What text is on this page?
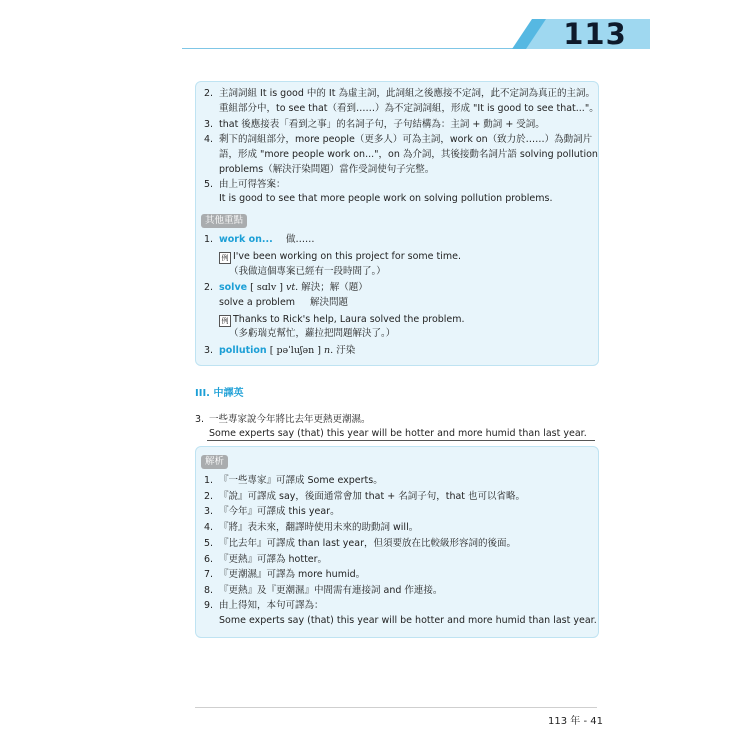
113
2. 主詞詞組 It is good 中的 It 為虛主詞，此詞組之後應接不定詞，此不定詞為真正的主詞。
重組部分中，to see that（看到……）為不定詞詞組，形成 "It is good to see that..."。
3. that 後應接表「看到之事」的名詞子句，子句結構為：主詞 + 動詞 + 受詞。
4. 剩下的詞組部分，more people（更多人）可為主詞，work on（致力於……）為動詞片
語，形成 "more people work on..."，on 為介詞，其後接動名詞片語 solving pollution
problems（解決汙染問題）當作受詞使句子完整。
5. 由上可得答案：
It is good to see that more people work on solving pollution problems.
其他重點
1. work on... 做……
例 I've been working on this project for some time.
（我做這個專案已經有一段時間了。）
2. solve [ sɑlv ] vt. 解決；解（題）
solve a problem 解決問題
例 Thanks to Rick's help, Laura solved the problem.
（多虧瑞克幫忙，蘿拉把問題解決了。）
3. pollution [ pəˈluʃən ] n. 汙染
III. 中譯英
3. 一些專家說今年將比去年更熱更潮濕。
Some experts say (that) this year will be hotter and more humid than last year.
解析
1. 『一些專家』可譯成 Some experts。
2. 『說』可譯成 say，後面通常會加 that + 名詞子句，that 也可以省略。
3. 『今年』可譯成 this year。
4. 『將』表未來，翻譯時使用未來的助動詞 will。
5. 『比去年』可譯成 than last year，但須要放在比較級形容詞的後面。
6. 『更熱』可譯為 hotter。
7. 『更潮濕』可譯為 more humid。
8. 『更熱』及『更潮濕』中間需有連接詞 and 作連接。
9. 由上得知，本句可譯為：
Some experts say (that) this year will be hotter and more humid than last year.
113 年 - 41
